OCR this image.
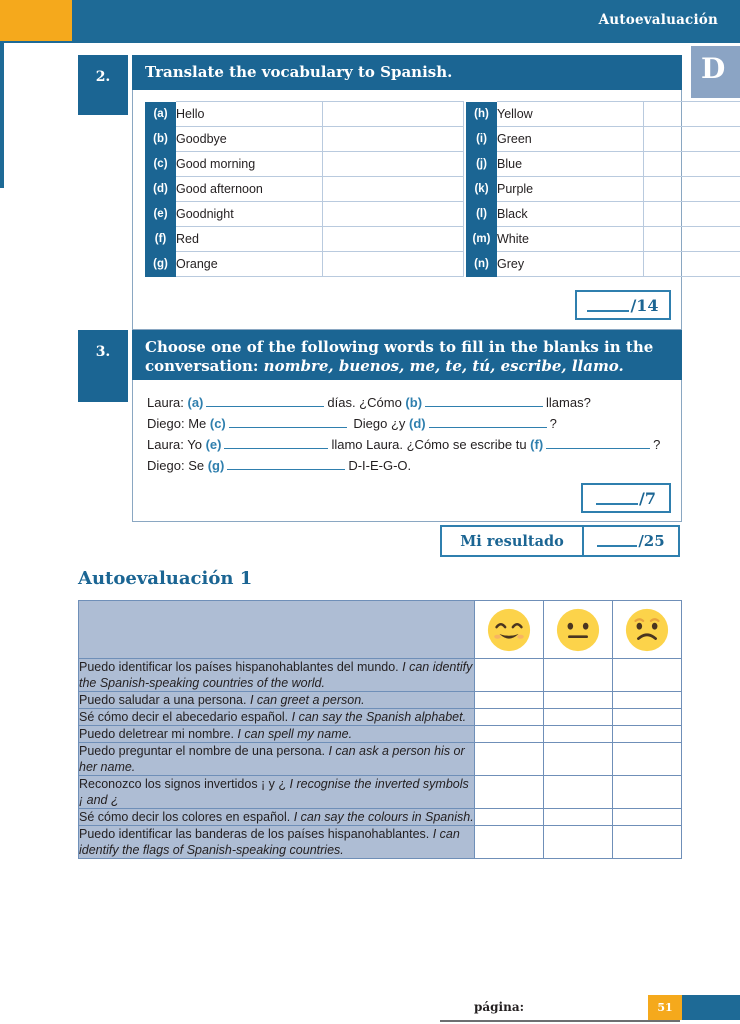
Autoevaluación
D
2.	Translate the vocabulary to Spanish.
(a)	Hello			(h)	Yellow	
(b)	Goodbye			(i)	Green	
(c)	Good morning			(j)	Blue	
(d)	Good afternoon			(k)	Purple	
(e)	Goodnight			(l)	Black	
(f)	Red			(m)	White	
(g)	Orange			(n)	Grey	
/14
3.	Choose one of the following words to fill in the blanks in the conversation: nombre, buenos, me, te, tú, escribe, llamo.
Laura: (a)	días. ¿Cómo (b)	llamas?
Diego: Me (c)	Diego ¿y (d)	?
Laura: Yo (e)	llamo Laura. ¿Cómo se escribe tu (f)	?
Diego: Se (g)	D-I-E-G-O.
/7
Mi resultado	/25
Autoevaluación 1

Puedo identificar los países hispanohablantes del mundo. I can identify the Spanish-speaking countries of the world.			
Puedo saludar a una persona. I can greet a person.			
Sé cómo decir el abecedario español. I can say the Spanish alphabet.			
Puedo deletrear mi nombre. I can spell my name.			
Puedo preguntar el nombre de una persona. I can ask a person his or her name.			
Reconozco los signos invertidos ¡ y ¿ I recognise the inverted symbols ¡ and ¿			
Sé cómo decir los colores en español. I can say the colours in Spanish.			
Puedo identificar las banderas de los países hispanohablantes. I can identify the flags of Spanish-speaking countries.			
página:	51
